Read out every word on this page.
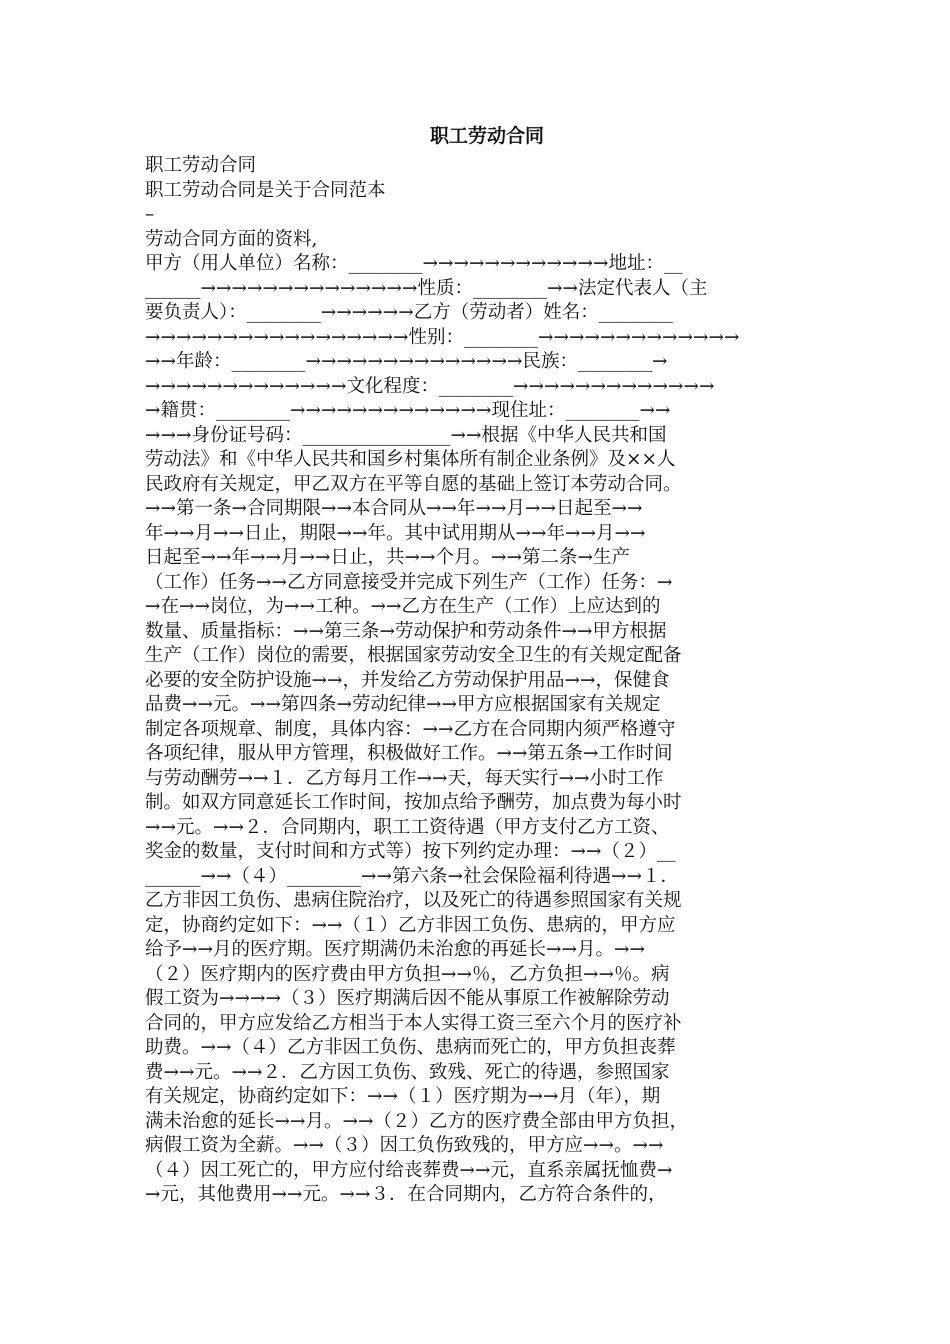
职工劳动合同
职工劳动合同
职工劳动合同是关于合同范本
–
劳动合同方面的资料,
甲方（用人单位）名称：________→→→→→→→→→→→→地址：__
______→→→→→→→→→→→→→→性质：________→→法定代表人（主
要负责人）：________→→→→→→乙方（劳动者）姓名：________
→→→→→→→→→→→→→→→→→性别：________→→→→→→→→→→→→→
→→年龄：________→→→→→→→→→→→→→→民族：________→
→→→→→→→→→→→→→文化程度：________→→→→→→→→→→→→→
→籍贯：________→→→→→→→→→→→→→现住址：________→→
→→→身份证号码：________________→→根据《中华人民共和国
劳动法》和《中华人民共和国乡村集体所有制企业条例》及××人
民政府有关规定，甲乙双方在平等自愿的基础上签订本劳动合同。
→→第一条→合同期限→→本合同从→→年→→月→→日起至→→
年→→月→→日止，期限→→年。其中试用期从→→年→→月→→
日起至→→年→→月→→日止，共→→个月。→→第二条→生产
（工作）任务→→乙方同意接受并完成下列生产（工作）任务：→
→在→→岗位，为→→工种。→→乙方在生产（工作）上应达到的
数量、质量指标：→→第三条→劳动保护和劳动条件→→甲方根据
生产（工作）岗位的需要，根据国家劳动安全卫生的有关规定配备
必要的安全防护设施→→，并发给乙方劳动保护用品→→，保健食
品费→→元。→→第四条→劳动纪律→→甲方应根据国家有关规定
制定各项规章、制度，具体内容：→→乙方在合同期内须严格遵守
各项纪律，服从甲方管理，积极做好工作。→→第五条→工作时间
与劳动酬劳→→１．乙方每月工作→→天，每天实行→→小时工作
制。如双方同意延长工作时间，按加点给予酬劳，加点费为每小时
→→元。→→２．合同期内，职工工资待遇（甲方支付乙方工资、
奖金的数量，支付时间和方式等）按下列约定办理：→→（２）__
______→→（４）________→→第六条→社会保险福利待遇→→１．
乙方非因工负伤、患病住院治疗，以及死亡的待遇参照国家有关规
定，协商约定如下：→→（１）乙方非因工负伤、患病的，甲方应
给予→→月的医疗期。医疗期满仍未治愈的再延长→→月。→→
（２）医疗期内的医疗费由甲方负担→→％，乙方负担→→％。病
假工资为→→→→（３）医疗期满后因不能从事原工作被解除劳动
合同的，甲方应发给乙方相当于本人实得工资三至六个月的医疗补
助费。→→（４）乙方非因工负伤、患病而死亡的，甲方负担丧葬
费→→元。→→２．乙方因工负伤、致残、死亡的待遇，参照国家
有关规定，协商约定如下：→→（１）医疗期为→→月（年），期
满未治愈的延长→→月。→→（２）乙方的医疗费全部由甲方负担，
病假工资为全薪。→→（３）因工负伤致残的，甲方应→→。→→
（４）因工死亡的，甲方应付给丧葬费→→元，直系亲属抚恤费→
→元，其他费用→→元。→→３．在合同期内，乙方符合条件的，
